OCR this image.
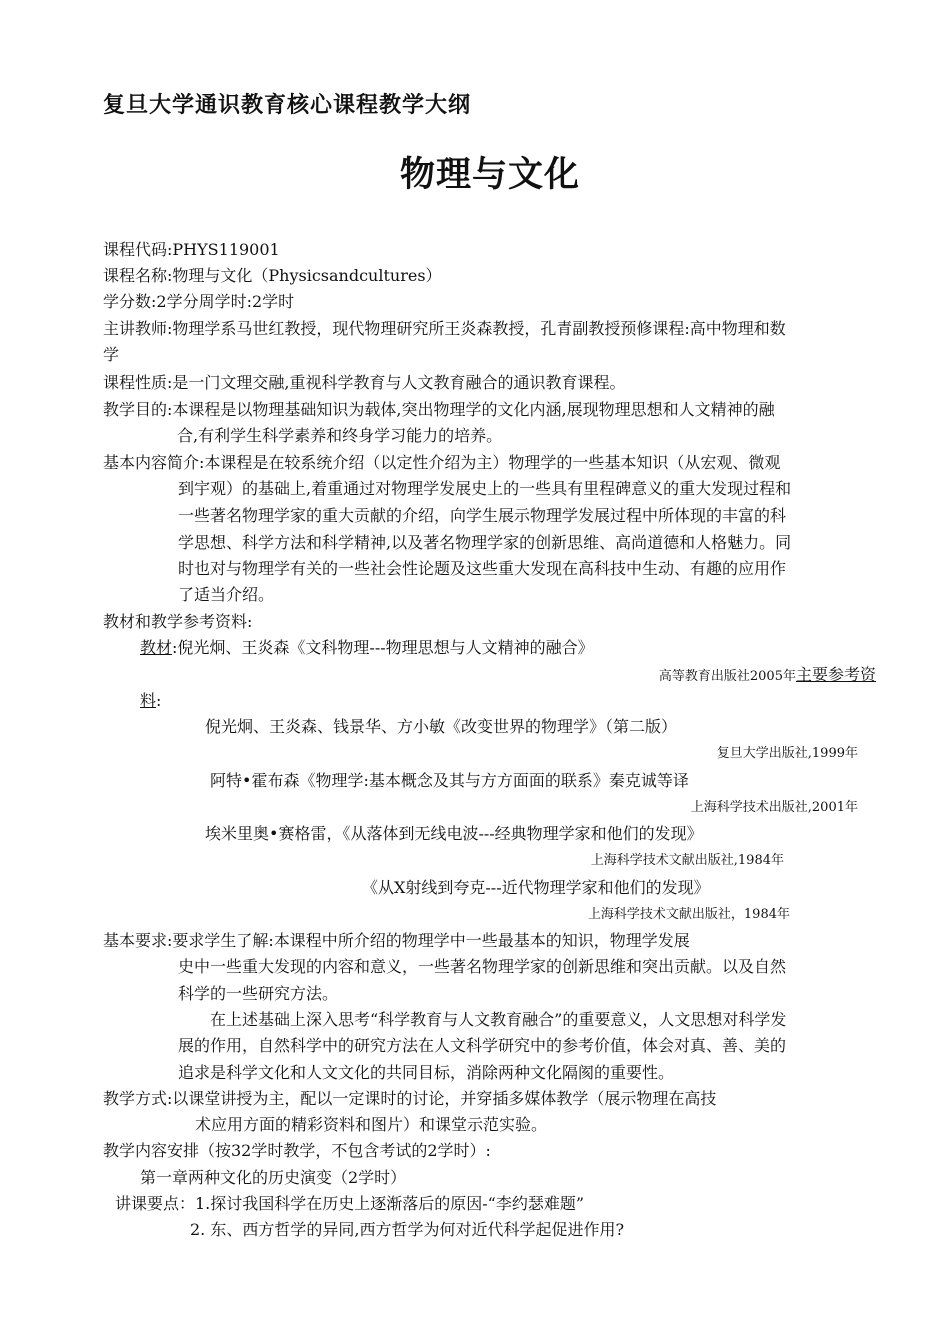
复旦大学通识教育核心课程教学大纲
物理与文化
课程代码:PHYS119001
课程名称:物理与文化（Physicsandcultures）
学分数:2学分周学时:2学时
主讲教师:物理学系马世红教授，现代物理研究所王炎森教授，孔青副教授预修课程:高中物理和数
学
课程性质:是一门文理交融,重视科学教育与人文教育融合的通识教育课程。
教学目的:本课程是以物理基础知识为载体,突出物理学的文化内涵,展现物理思想和人文精神的融
合,有利学生科学素养和终身学习能力的培养。
基本内容简介:本课程是在较系统介绍（以定性介绍为主）物理学的一些基本知识（从宏观、微观
到宇观）的基础上,着重通过对物理学发展史上的一些具有里程碑意义的重大发现过程和
一些著名物理学家的重大贡献的介绍，向学生展示物理学发展过程中所体现的丰富的科
学思想、科学方法和科学精神,以及著名物理学家的创新思维、高尚道德和人格魅力。同
时也对与物理学有关的一些社会性论题及这些重大发现在高科技中生动、有趣的应用作
了适当介绍。
教材和教学参考资料:
教材:倪光炯、王炎森《文科物理---物理思想与人文精神的融合》
高等教育出版社2005年主要参考资
料:
倪光炯、王炎森、钱景华、方小敏《改变世界的物理学》（第二版）
复旦大学出版社,1999年
阿特•霍布森《物理学:基本概念及其与方方面面的联系》秦克诚等译
上海科学技术出版社,2001年
埃米里奥•赛格雷，《从落体到无线电波---经典物理学家和他们的发现》
上海科学技术文献出版社,1984年
《从X射线到夸克---近代物理学家和他们的发现》
上海科学技术文献出版社，1984年
基本要求:要求学生了解:本课程中所介绍的物理学中一些最基本的知识，物理学发展
史中一些重大发现的内容和意义，一些著名物理学家的创新思维和突出贡献。以及自然
科学的一些研究方法。
在上述基础上深入思考“科学教育与人文教育融合”的重要意义，人文思想对科学发
展的作用，自然科学中的研究方法在人文科学研究中的参考价值，体会对真、善、美的
追求是科学文化和人文文化的共同目标，消除两种文化隔阂的重要性。
教学方式:以课堂讲授为主，配以一定课时的讨论，并穿插多媒体教学（展示物理在高技
术应用方面的精彩资料和图片）和课堂示范实验。
教学内容安排（按32学时教学，不包含考试的2学时）:
第一章两种文化的历史演变（2学时）
讲课要点：1.探讨我国科学在历史上逐渐落后的原因-“李约瑟难题”
2. 东、西方哲学的异同,西方哲学为何对近代科学起促进作用?
